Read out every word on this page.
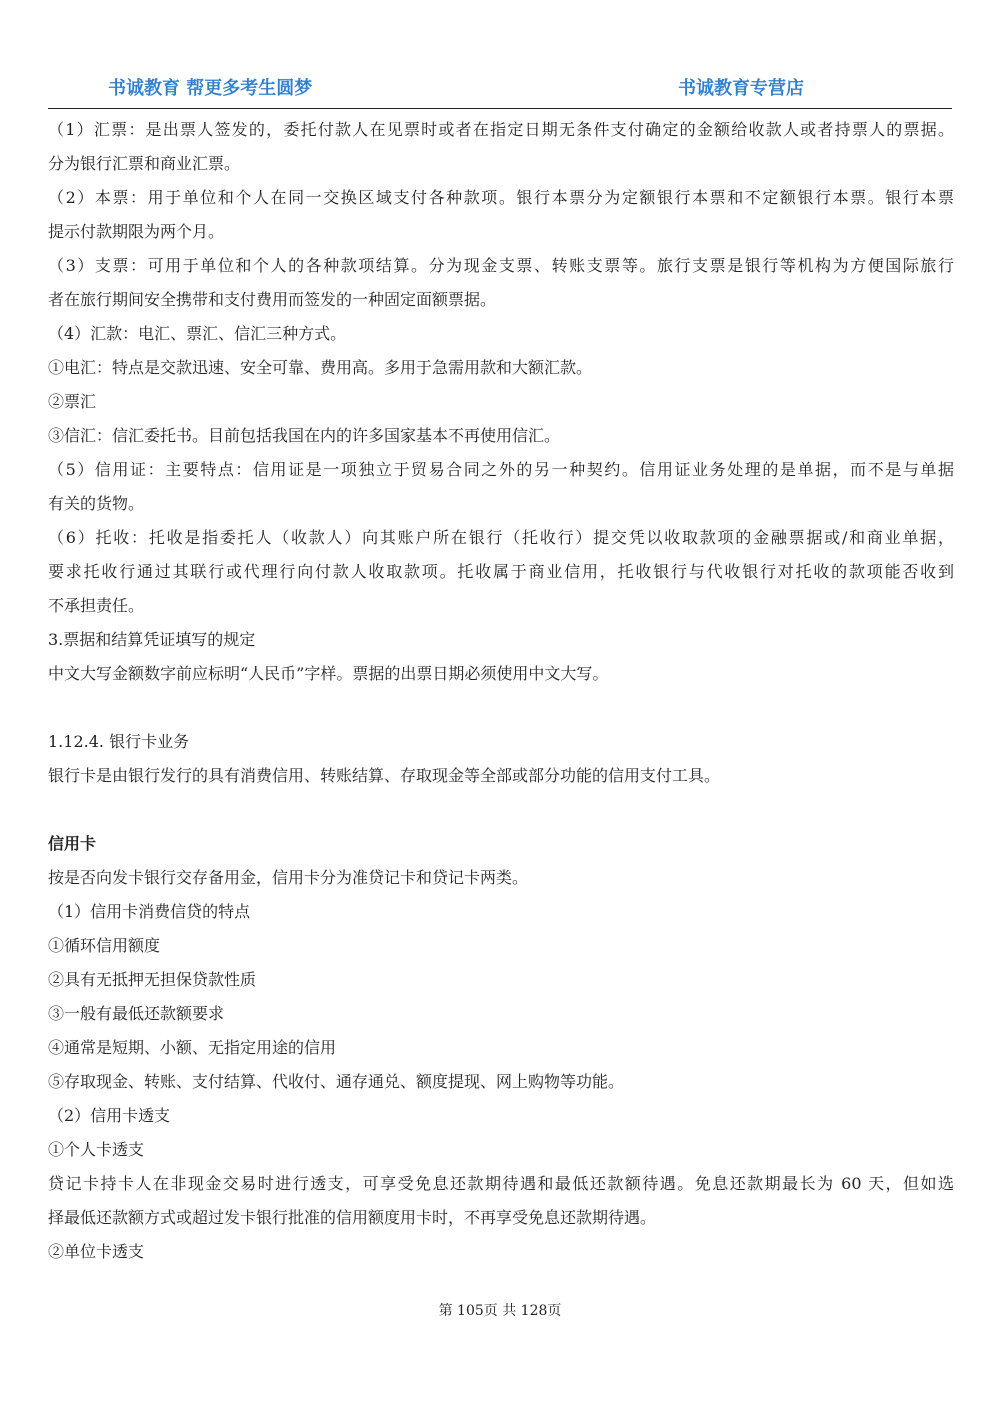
书诚教育 帮更多考生圆梦	书诚教育专营店
（1）汇票：是出票人签发的，委托付款人在见票时或者在指定日期无条件支付确定的金额给收款人或者持票人的票据。
分为银行汇票和商业汇票。
（2）本票：用于单位和个人在同一交换区域支付各种款项。银行本票分为定额银行本票和不定额银行本票。银行本票
提示付款期限为两个月。
（3）支票：可用于单位和个人的各种款项结算。分为现金支票、转账支票等。旅行支票是银行等机构为方便国际旅行
者在旅行期间安全携带和支付费用而签发的一种固定面额票据。
（4）汇款：电汇、票汇、信汇三种方式。
①电汇：特点是交款迅速、安全可靠、费用高。多用于急需用款和大额汇款。
②票汇
③信汇：信汇委托书。目前包括我国在内的许多国家基本不再使用信汇。
（5）信用证：主要特点：信用证是一项独立于贸易合同之外的另一种契约。信用证业务处理的是单据，而不是与单据
有关的货物。
（6）托收：托收是指委托人（收款人）向其账户所在银行（托收行）提交凭以收取款项的金融票据或/和商业单据，
要求托收行通过其联行或代理行向付款人收取款项。托收属于商业信用，托收银行与代收银行对托收的款项能否收到
不承担责任。
3.票据和结算凭证填写的规定
中文大写金额数字前应标明“人民币”字样。票据的出票日期必须使用中文大写。
1.12.4. 银行卡业务
银行卡是由银行发行的具有消费信用、转账结算、存取现金等全部或部分功能的信用支付工具。
信用卡
按是否向发卡银行交存备用金，信用卡分为准贷记卡和贷记卡两类。
（1）信用卡消费信贷的特点
①循环信用额度
②具有无抵押无担保贷款性质
③一般有最低还款额要求
④通常是短期、小额、无指定用途的信用
⑤存取现金、转账、支付结算、代收付、通存通兑、额度提现、网上购物等功能。
（2）信用卡透支
①个人卡透支
贷记卡持卡人在非现金交易时进行透支，可享受免息还款期待遇和最低还款额待遇。免息还款期最长为 60 天，但如选
择最低还款额方式或超过发卡银行批准的信用额度用卡时，不再享受免息还款期待遇。
②单位卡透支
第 105页 共 128页
